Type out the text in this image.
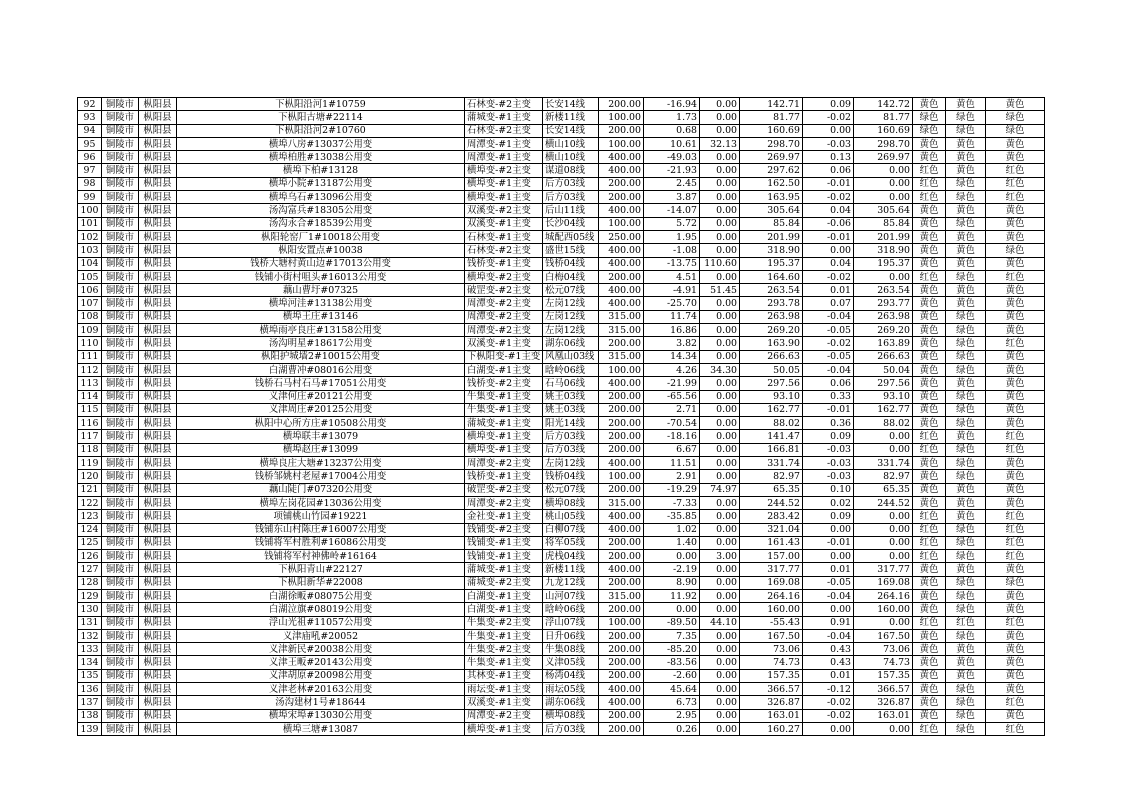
92	铜陵市	枞阳县	下枞阳沿河1#10759	石林变-#2主变	长安14线	200.00	-16.94	0.00	142.71	0.09	142.72	黄色	黄色	黄色
93	铜陵市	枞阳县	下枞阳古塘#22114	蒲城变-#1主变	新楼11线	100.00	1.73	0.00	81.77	-0.02	81.77	绿色	绿色	绿色
94	铜陵市	枞阳县	下枞阳沿河2#10760	石林变-#2主变	长安14线	200.00	0.68	0.00	160.69	0.00	160.69	绿色	绿色	绿色
95	铜陵市	枞阳县	横埠八房#13037公用变	周潭变-#1主变	横山10线	100.00	10.61	32.13	298.70	-0.03	298.70	黄色	黄色	黄色
96	铜陵市	枞阳县	横埠柏胜#13038公用变	周潭变-#1主变	横山10线	400.00	-49.03	0.00	269.97	0.13	269.97	黄色	黄色	黄色
97	铜陵市	枞阳县	横埠下柏#13128	横埠变-#2主变	谋道08线	400.00	-21.93	0.00	297.62	0.06	0.00	红色	黄色	红色
98	铜陵市	枞阳县	横埠小院#13187公用变	横埠变-#1主变	后方03线	200.00	2.45	0.00	162.50	-0.01	0.00	红色	绿色	红色
99	铜陵市	枞阳县	横埠乌石#13096公用变	横埠变-#1主变	后方03线	200.00	3.87	0.00	163.95	-0.02	0.00	红色	绿色	红色
100	铜陵市	枞阳县	汤沟富兵#18305公用变	双溪变-#2主变	后山11线	400.00	-14.07	0.00	305.64	0.04	305.64	黄色	黄色	黄色
101	铜陵市	枞阳县	汤沟永合#18539公用变	双溪变-#1主变	长沙04线	100.00	5.72	0.00	85.84	-0.06	85.84	黄色	绿色	黄色
102	铜陵市	枞阳县	枞阳轮窑厂1#10018公用变	石林变-#1主变	城配西05线	250.00	1.95	0.00	201.99	-0.01	201.99	黄色	黄色	黄色
103	铜陵市	枞阳县	枞阳安置点#10038	石林变-#2主变	盛世15线	400.00	-1.08	0.00	318.90	0.00	318.90	黄色	黄色	绿色
104	铜陵市	枞阳县	钱桥大塘村黄山边#17013公用变	钱桥变-#1主变	钱桥04线	400.00	-13.75	110.60	195.37	0.04	195.37	黄色	黄色	黄色
105	铜陵市	枞阳县	钱铺小街村咀头#16013公用变	横埠变-#2主变	白梅04线	200.00	4.51	0.00	164.60	-0.02	0.00	红色	绿色	红色
106	铜陵市	枞阳县	藕山曹圩#07325	破罡变-#2主变	松元07线	400.00	-4.91	51.45	263.54	0.01	263.54	黄色	黄色	黄色
107	铜陵市	枞阳县	横埠河洼#13138公用变	周潭变-#2主变	左岗12线	400.00	-25.70	0.00	293.78	0.07	293.77	黄色	黄色	黄色
108	铜陵市	枞阳县	横埠王庄#13146	周潭变-#2主变	左岗12线	315.00	11.74	0.00	263.98	-0.04	263.98	黄色	绿色	黄色
109	铜陵市	枞阳县	横埠雨亭良庄#13158公用变	周潭变-#2主变	左岗12线	315.00	16.86	0.00	269.20	-0.05	269.20	黄色	绿色	黄色
110	铜陵市	枞阳县	汤沟明星#18617公用变	双溪变-#1主变	湖东06线	200.00	3.82	0.00	163.90	-0.02	163.89	黄色	绿色	红色
111	铜陵市	枞阳县	枞阳护城墙2#10015公用变	下枞阳变-#1主变	风凰山03线	315.00	14.34	0.00	266.63	-0.05	266.63	黄色	绿色	黄色
112	铜陵市	枞阳县	白湖曹冲#08016公用变	白湖变-#1主变	晗岭06线	100.00	4.26	34.30	50.05	-0.04	50.04	黄色	绿色	黄色
113	铜陵市	枞阳县	钱桥石马村石马#17051公用变	钱桥变-#2主变	石马06线	400.00	-21.99	0.00	297.56	0.06	297.56	黄色	黄色	黄色
114	铜陵市	枞阳县	义津何庄#20121公用变	牛集变-#1主变	姚王03线	200.00	-65.56	0.00	93.10	0.33	93.10	黄色	绿色	黄色
115	铜陵市	枞阳县	义津周庄#20125公用变	牛集变-#1主变	姚王03线	200.00	2.71	0.00	162.77	-0.01	162.77	黄色	绿色	黄色
116	铜陵市	枞阳县	枞阳中心所方庄#10508公用变	蒲城变-#1主变	阳光14线	200.00	-70.54	0.00	88.02	0.36	88.02	黄色	绿色	黄色
117	铜陵市	枞阳县	横埠联丰#13079	横埠变-#1主变	后方03线	200.00	-18.16	0.00	141.47	0.09	0.00	红色	黄色	红色
118	铜陵市	枞阳县	横埠赵庄#13099	横埠变-#1主变	后方03线	200.00	6.67	0.00	166.81	-0.03	0.00	红色	绿色	红色
119	铜陵市	枞阳县	横埠良庄大塘#13237公用变	周潭变-#2主变	左岗12线	400.00	11.51	0.00	331.74	-0.03	331.74	黄色	绿色	黄色
120	铜陵市	枞阳县	钱桥邹姚村老屋#17004公用变	钱桥变-#1主变	钱桥04线	100.00	2.91	0.00	82.97	-0.03	82.97	黄色	绿色	黄色
121	铜陵市	枞阳县	藕山陡门#07320公用变	破罡变-#2主变	松元07线	200.00	-19.29	74.97	65.35	0.10	65.35	黄色	黄色	黄色
122	铜陵市	枞阳县	横埠左岗花园#13036公用变	周潭变-#2主变	横埠08线	315.00	-7.33	0.00	244.52	0.02	244.52	黄色	黄色	黄色
123	铜陵市	枞阳县	项铺桃山竹园#19221	金社变-#1主变	桃山05线	400.00	-35.85	0.00	283.42	0.09	0.00	红色	黄色	红色
124	铜陵市	枞阳县	钱铺东山村陈庄#16007公用变	钱铺变-#2主变	白柳07线	400.00	1.02	0.00	321.04	0.00	0.00	红色	绿色	红色
125	铜陵市	枞阳县	钱铺将军村胜利#16086公用变	钱铺变-#1主变	将军05线	200.00	1.40	0.00	161.43	-0.01	0.00	红色	绿色	红色
126	铜陵市	枞阳县	钱铺将军村神佛岭#16164	钱铺变-#1主变	虎栈04线	200.00	0.00	3.00	157.00	0.00	0.00	红色	绿色	红色
127	铜陵市	枞阳县	下枞阳青山#22127	蒲城变-#1主变	新楼11线	400.00	-2.19	0.00	317.77	0.01	317.77	黄色	黄色	黄色
128	铜陵市	枞阳县	下枞阳新华#22008	蒲城变-#2主变	九龙12线	200.00	8.90	0.00	169.08	-0.05	169.08	黄色	绿色	绿色
129	铜陵市	枞阳县	白湖徐畈#08075公用变	白湖变-#1主变	山河07线	315.00	11.92	0.00	264.16	-0.04	264.16	黄色	绿色	黄色
130	铜陵市	枞阳县	白湖泣旗#08019公用变	白湖变-#1主变	晗岭06线	200.00	0.00	0.00	160.00	0.00	160.00	黄色	绿色	黄色
131	铜陵市	枞阳县	浮山光祖#11057公用变	牛集变-#2主变	浮山07线	100.00	-89.50	44.10	-55.43	0.91	0.00	红色	红色	红色
132	铜陵市	枞阳县	义津庙吼#20052	牛集变-#1主变	日升06线	200.00	7.35	0.00	167.50	-0.04	167.50	黄色	绿色	黄色
133	铜陵市	枞阳县	义津新民#20038公用变	牛集变-#2主变	牛集08线	200.00	-85.20	0.00	73.06	0.43	73.06	黄色	黄色	黄色
134	铜陵市	枞阳县	义津王畈#20143公用变	牛集变-#1主变	义津05线	200.00	-83.56	0.00	74.73	0.43	74.73	黄色	黄色	黄色
135	铜陵市	枞阳县	义津胡原#20098公用变	其林变-#1主变	杨湾04线	200.00	-2.60	0.00	157.35	0.01	157.35	黄色	黄色	黄色
136	铜陵市	枞阳县	义津老林#20163公用变	雨坛变-#1主变	雨坛05线	400.00	45.64	0.00	366.57	-0.12	366.57	黄色	绿色	黄色
137	铜陵市	枞阳县	汤沟建材1号#18644	双溪变-#1主变	湖东06线	400.00	6.73	0.00	326.87	-0.02	326.87	黄色	绿色	红色
138	铜陵市	枞阳县	横埠宋埠#13030公用变	周潭变-#2主变	横埠08线	200.00	2.95	0.00	163.01	-0.02	163.01	黄色	绿色	黄色
139	铜陵市	枞阳县	横埠三塘#13087	横埠变-#1主变	后方03线	200.00	0.26	0.00	160.27	0.00	0.00	红色	绿色	红色
